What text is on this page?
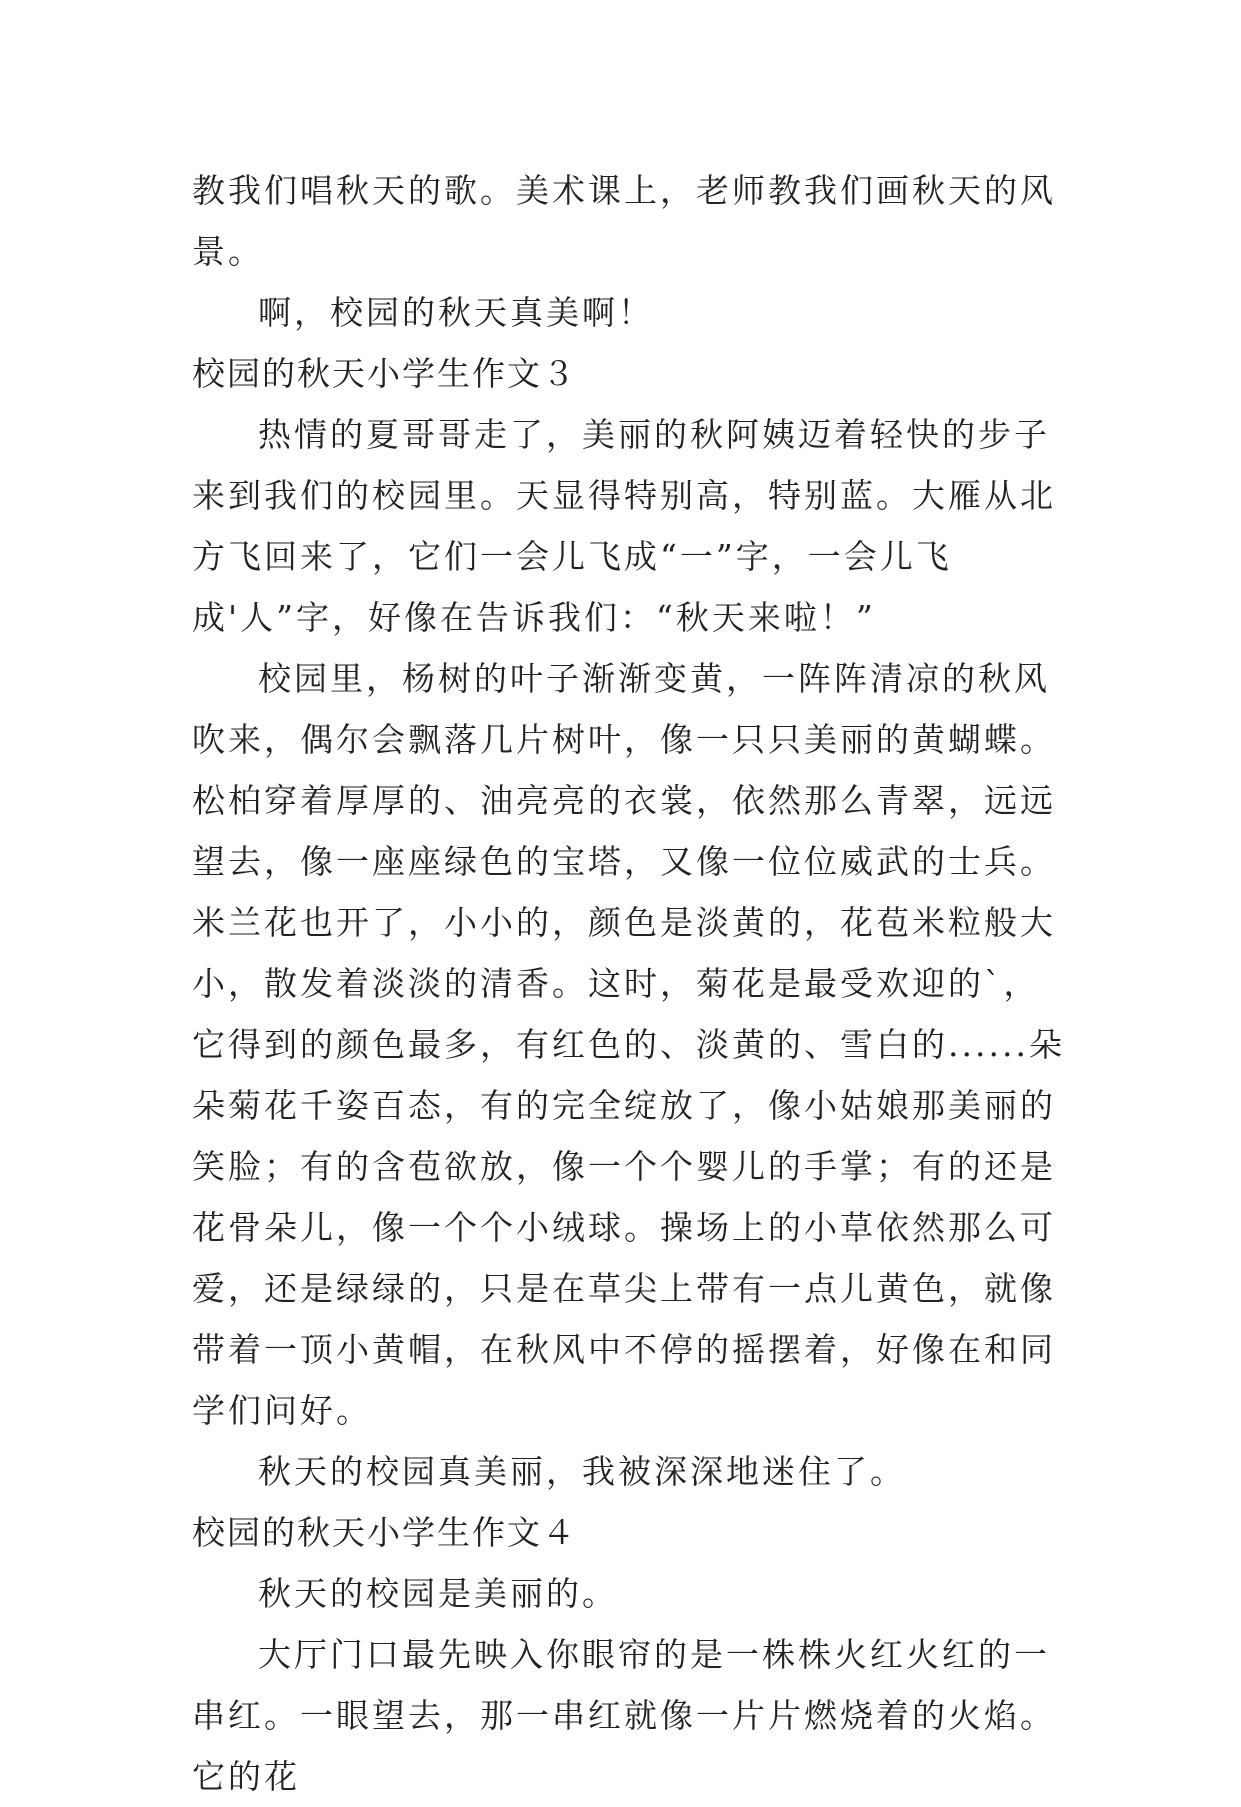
教我们唱秋天的歌。美术课上，老师教我们画秋天的风景。

啊，校园的秋天真美啊！

校园的秋天小学生作文３

热情的夏哥哥走了，美丽的秋阿姨迈着轻快的步子来到我们的校园里。天显得特别高，特别蓝。大雁从北方飞回来了，它们一会儿飞成“一”字，一会儿飞成'人”字，好像在告诉我们：“秋天来啦！”

校园里，杨树的叶子渐渐变黄，一阵阵清凉的秋风吹来，偶尔会飘落几片树叶，像一只只美丽的黄蝴蝶。松柏穿着厚厚的、油亮亮的衣裳，依然那么青翠，远远望去，像一座座绿色的宝塔，又像一位位威武的士兵。米兰花也开了，小小的，颜色是淡黄的，花苞米粒般大小，散发着淡淡的清香。这时，菊花是最受欢迎的`，它得到的颜色最多，有红色的、淡黄的、雪白的......朵朵菊花千姿百态，有的完全绽放了，像小姑娘那美丽的笑脸；有的含苞欲放，像一个个婴儿的手掌；有的还是花骨朵儿，像一个个小绒球。操场上的小草依然那么可爱，还是绿绿的，只是在草尖上带有一点儿黄色，就像带着一顶小黄帽，在秋风中不停的摇摆着，好像在和同学们问好。

秋天的校园真美丽，我被深深地迷住了。

校园的秋天小学生作文４

秋天的校园是美丽的。

大厅门口最先映入你眼帘的是一株株火红火红的一串红。一眼望去，那一串红就像一片片燃烧着的火焰。它的花
